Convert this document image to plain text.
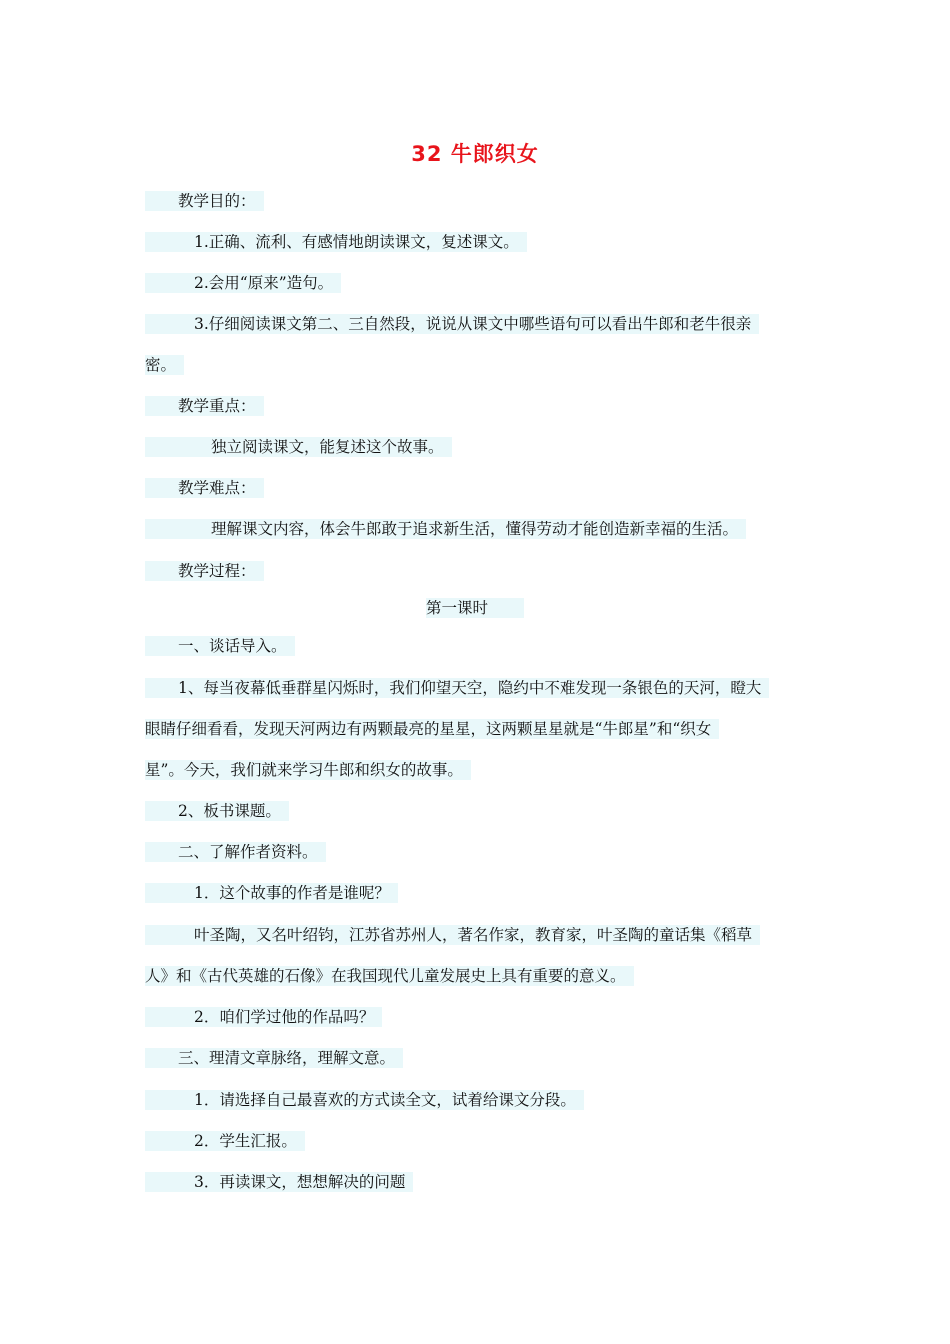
32 牛郎织女
教学目的：
1.正确、流利、有感情地朗读课文，复述课文。
2.会用“原来”造句。
3.仔细阅读课文第二、三自然段，说说从课文中哪些语句可以看出牛郎和老牛很亲
密。
教学重点：
独立阅读课文，能复述这个故事。
教学难点：
理解课文内容，体会牛郎敢于追求新生活，懂得劳动才能创造新幸福的生活。
教学过程：
第一课时
一、谈话导入。
1、每当夜幕低垂群星闪烁时，我们仰望天空，隐约中不难发现一条银色的天河，瞪大
眼睛仔细看看，发现天河两边有两颗最亮的星星，这两颗星星就是“牛郎星”和“织女
星”。今天，我们就来学习牛郎和织女的故事。
2、板书课题。
二、了解作者资料。
1．这个故事的作者是谁呢？
叶圣陶，又名叶绍钧，江苏省苏州人，著名作家，教育家，叶圣陶的童话集《稻草
人》和《古代英雄的石像》在我国现代儿童发展史上具有重要的意义。
2．咱们学过他的作品吗？
三、理清文章脉络，理解文意。
1．请选择自己最喜欢的方式读全文，试着给课文分段。
2．学生汇报。
3．再读课文，想想解决的问题
